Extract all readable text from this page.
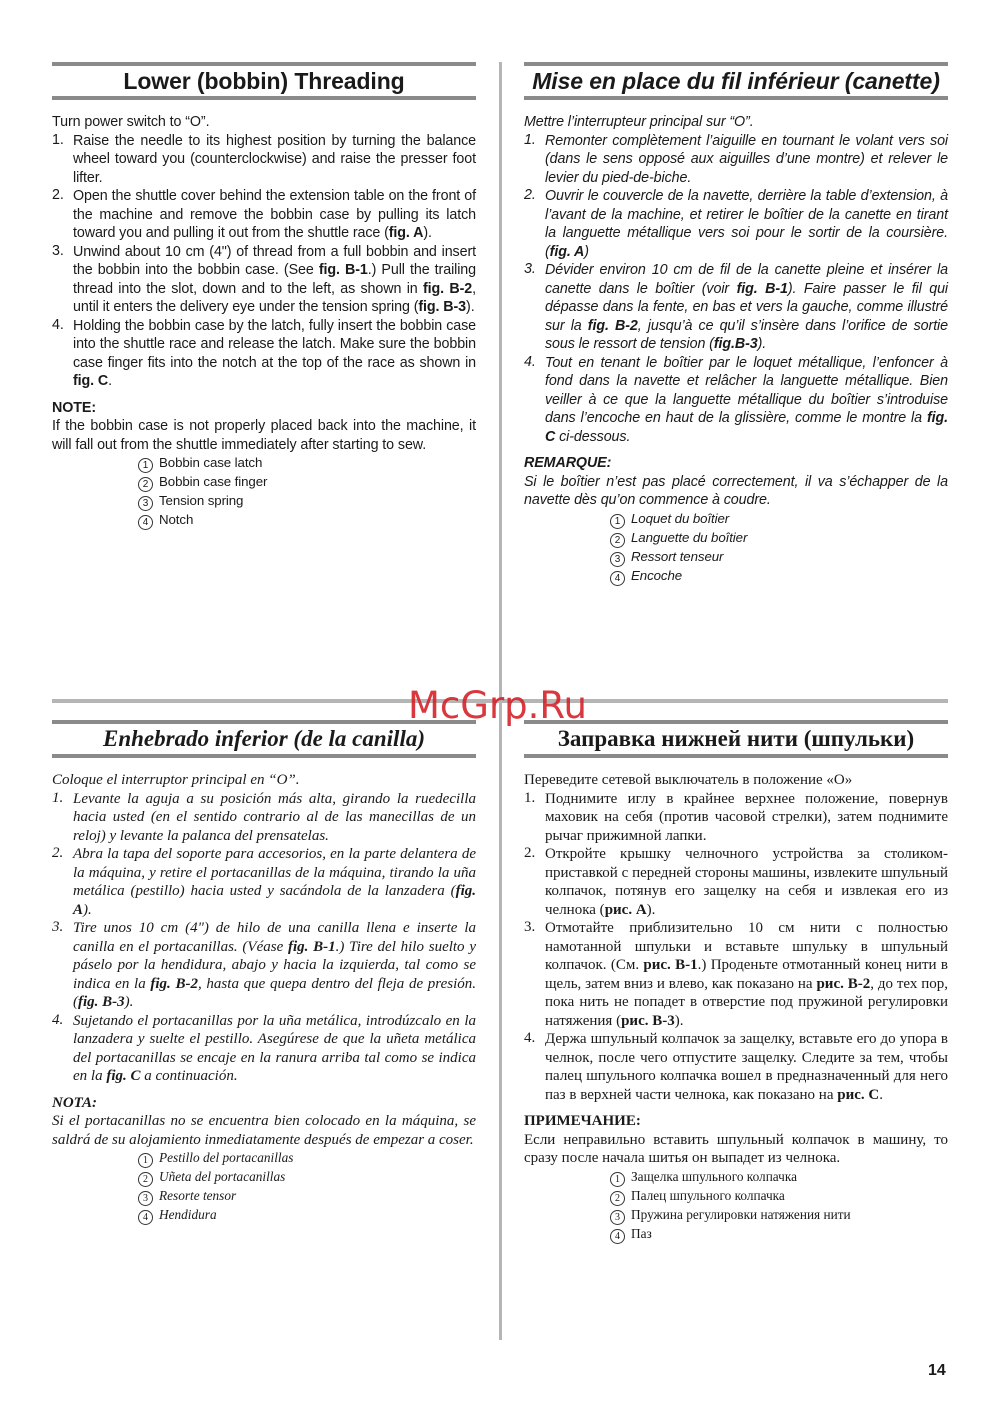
Lower (bobbin) Threading

Turn power switch to “O”.

1. Raise the needle to its highest position by turning the balance wheel toward you (counterclockwise) and raise the presser foot lifter.
2. Open the shuttle cover behind the extension table on the front of the machine and remove the bobbin case by pulling its latch toward you and pulling it out from the shuttle race (fig. A).
3. Unwind about 10 cm (4") of thread from a full bobbin and insert the bobbin into the bobbin case. (See fig. B-1.) Pull the trailing thread into the slot, down and to the left, as shown in fig. B-2, until it enters the delivery eye under the tension spring (fig. B-3).
4. Holding the bobbin case by the latch, fully insert the bobbin case into the shuttle race and release the latch. Make sure the bobbin case finger fits into the notch at the top of the race as shown in fig. C.

NOTE:

If the bobbin case is not properly placed back into the machine, it will fall out from the shuttle immediately after starting to sew.

1 Bobbin case latch
2 Bobbin case finger
3 Tension spring
4 Notch
Mise en place du fil inférieur (canette)

Mettre l’interrupteur principal sur “O”.

1. Remonter complètement l’aiguille en tournant le volant vers soi (dans le sens opposé aux aiguilles d’une montre) et relever le levier du pied-de-biche.
2. Ouvrir le couvercle de la navette, derrière la table d’extension, à l’avant de la machine, et retirer le boîtier de la canette en tirant la languette métallique vers soi pour le sortir de la coursière. (fig. A)
3. Dévider environ 10 cm de fil de la canette pleine et insérer la canette dans le boîtier (voir fig. B-1). Faire passer le fil qui dépasse dans la fente, en bas et vers la gauche, comme illustré sur la fig. B-2, jusqu’à ce qu’il s’insère dans l’orifice de sortie sous le ressort de tension (fig.B-3).
4. Tout en tenant le boîtier par le loquet métallique, l’enfoncer à fond dans la navette et relâcher la languette métallique. Bien veiller à ce que la languette métallique du boîtier s’introduise dans l’encoche en haut de la glissière, comme le montre la fig. C ci-dessous.

REMARQUE:

Si le boîtier n’est pas placé correctement, il va s’échapper de la navette dès qu’on commence à coudre.

1 Loquet du boîtier
2 Languette du boîtier
3 Ressort tenseur
4 Encoche
Enhebrado inferior (de la canilla)

Coloque el interruptor principal en “O”.

1. Levante la aguja a su posición más alta, girando la ruedecilla hacia usted (en el sentido contrario al de las manecillas de un reloj) y levante la palanca del prensatelas.
2. Abra la tapa del soporte para accesorios, en la parte delantera de la máquina, y retire el portacanillas de la máquina, tirando la uña metálica (pestillo) hacia usted y sacándola de la lanzadera (fig. A).
3. Tire unos 10 cm (4") de hilo de una canilla llena e inserte la canilla en el portacanillas. (Véase fig. B-1.) Tire del hilo suelto y páselo por la hendidura, abajo y hacia la izquierda, tal como se indica en la fig. B-2, hasta que quepa dentro del fleja de presión. (fig. B-3).
4. Sujetando el portacanillas por la uña metálica, introdúzcalo en la lanzadera y suelte el pestillo. Asegúrese de que la uñeta metálica del portacanillas se encaje en la ranura arriba tal como se indica en la fig. C a continuación.

NOTA:

Si el portacanillas no se encuentra bien colocado en la máquina, se saldrá de su alojamiento inmediatamente después de empezar a coser.

1 Pestillo del portacanillas
2 Uñeta del portacanillas
3 Resorte tensor
4 Hendidura
Заправка нижней нити (шпульки)

Переведите сетевой выключатель в положение «O»

1. Поднимите иглу в крайнее верхнее положение, повернув маховик на себя (против часовой стрелки), затем поднимите рычаг прижимной лапки.
2. Откройте крышку челночного устройства за столиком-приставкой с передней стороны машины, извлеките шпульный колпачок, потянув его защелку на себя и извлекая его из челнока (рис. A).
3. Отмотайте приблизительно 10 см нити с полностью намотанной шпульки и вставьте шпульку в шпульный колпачок. (См. рис. B-1.) Проденьте отмотанный конец нити в щель, затем вниз и влево, как показано на рис. B-2, до тех пор, пока нить не попадет в отверстие под пружиной регулировки натяжения (рис. B-3).
4. Держа шпульный колпачок за защелку, вставьте его до упора в челнок, после чего отпустите защелку. Следите за тем, чтобы палец шпульного колпачка вошел в предназначенный для него паз в верхней части челнока, как показано на рис. C.

ПРИМЕЧАНИЕ:

Если неправильно вставить шпульный колпачок в машину, то сразу после начала шитья он выпадет из челнока.

1 Защелка шпульного колпачка
2 Палец шпульного колпачка
3 Пружина регулировки натяжения нити
4 Паз
McGrp.Ru
14
